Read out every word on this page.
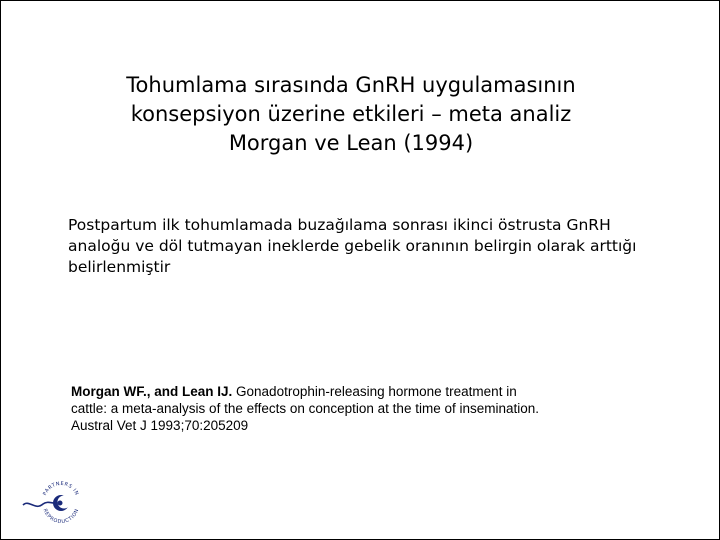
Tohumlama sırasında GnRH uygulamasının
konsepsiyon üzerine etkileri – meta analiz
Morgan ve Lean (1994)
Postpartum ilk tohumlamada buzağılama sonrası ikinci östrusta GnRH analoğu ve döl tutmayan ineklerde gebelik oranının belirgin olarak arttığı belirlenmiştir
Morgan WF., and Lean IJ. Gonadotrophin-releasing hormone treatment in cattle: a meta-analysis of the effects on conception at the time of insemination. Austral Vet J 1993;70:205209
PARTNERS IN
REPRODUCTION
